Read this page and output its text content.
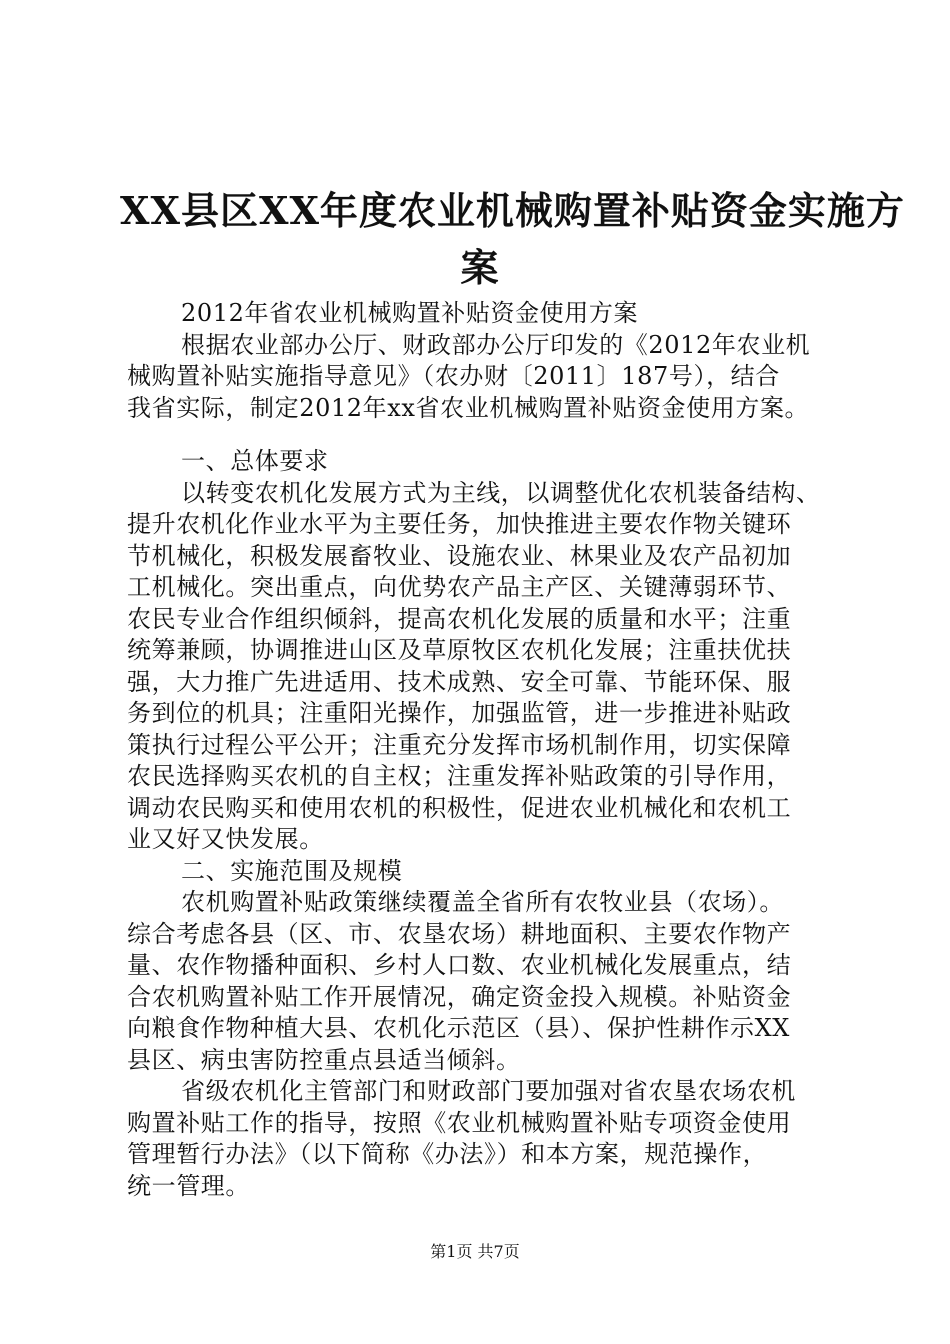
XX县区XX年度农业机械购置补贴资金实施方
案
2012年省农业机械购置补贴资金使用方案
根据农业部办公厅、财政部办公厅印发的《2012年农业机
械购置补贴实施指导意见》（农办财〔2011〕187号），结合
我省实际，制定2012年xx省农业机械购置补贴资金使用方案。
一、总体要求
以转变农机化发展方式为主线，以调整优化农机装备结构、
提升农机化作业水平为主要任务，加快推进主要农作物关键环
节机械化，积极发展畜牧业、设施农业、林果业及农产品初加
工机械化。突出重点，向优势农产品主产区、关键薄弱环节、
农民专业合作组织倾斜，提高农机化发展的质量和水平；注重
统筹兼顾，协调推进山区及草原牧区农机化发展；注重扶优扶
强，大力推广先进适用、技术成熟、安全可靠、节能环保、服
务到位的机具；注重阳光操作，加强监管，进一步推进补贴政
策执行过程公平公开；注重充分发挥市场机制作用，切实保障
农民选择购买农机的自主权；注重发挥补贴政策的引导作用，
调动农民购买和使用农机的积极性，促进农业机械化和农机工
业又好又快发展。
二、实施范围及规模
农机购置补贴政策继续覆盖全省所有农牧业县（农场）。
综合考虑各县（区、市、农垦农场）耕地面积、主要农作物产
量、农作物播种面积、乡村人口数、农业机械化发展重点，结
合农机购置补贴工作开展情况，确定资金投入规模。补贴资金
向粮食作物种植大县、农机化示范区（县）、保护性耕作示XX
县区、病虫害防控重点县适当倾斜。
省级农机化主管部门和财政部门要加强对省农垦农场农机
购置补贴工作的指导，按照《农业机械购置补贴专项资金使用
管理暂行办法》（以下简称《办法》）和本方案，规范操作，
统一管理。
第1页 共7页
